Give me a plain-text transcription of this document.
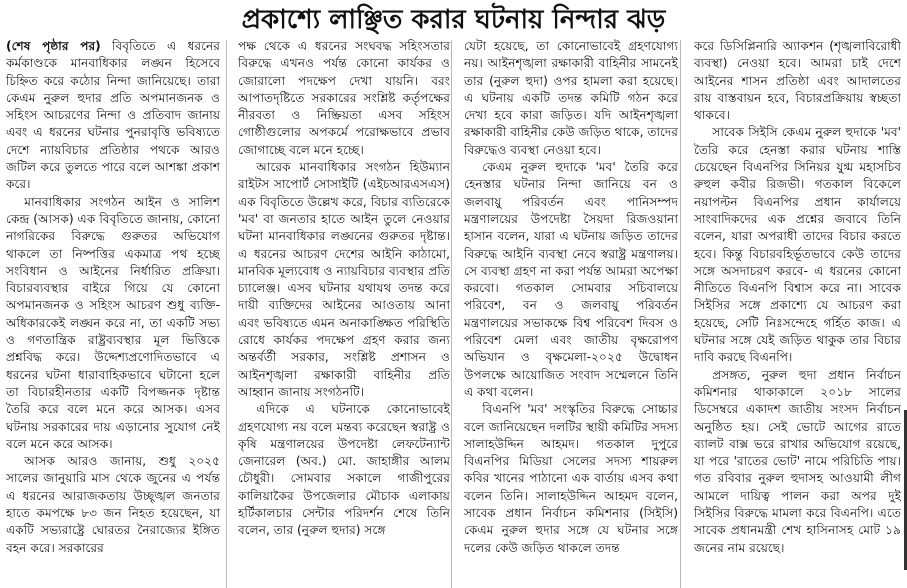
প্রকাশ্যে লাঞ্ছিত করার ঘটনায় নিন্দার ঝড়

(শেষ পৃষ্ঠার পর) বিবৃতিতে এ ধরনের কর্মকাণ্ডকে মানবাধিকার লঙ্ঘন হিসেবে চিহ্নিত করে কঠোর নিন্দা জানিয়েছে। তারা কেএম নুরুল হুদার প্রতি অপমানজনক ও সহিংস আচরণের নিন্দা ও প্রতিবাদ জানায় এবং এ ধরনের ঘটনার পুনরাবৃত্তি ভবিষ্যতে দেশে ন্যায়বিচার প্রতিষ্ঠার পথকে আরও জটিল করে তুলতে পারে বলে আশঙ্কা প্রকাশ করে।

মানবাধিকার সংগঠন আইন ও সালিশ কেন্দ্র (আসক) এক বিবৃতিতে জানায়, কোনো নাগরিকের বিরুদ্ধে গুরুতর অভিযোগ থাকলে তা নিষ্পত্তির একমাত্র পথ হচ্ছে সংবিধান ও আইনের নির্ধারিত প্রক্রিয়া। বিচারব্যবস্থার বাইরে গিয়ে যে কোনো অপমানজনক ও সহিংস আচরণ শুধু ব্যক্তি-অধিকারকেই লঙ্ঘন করে না, তা একটি সভ্য ও গণতান্ত্রিক রাষ্ট্রব্যবস্থার মূল ভিত্তিকে প্রশ্নবিদ্ধ করে। উদ্দেশ্যপ্রণোদিতভাবে এ ধরনের ঘটনা ধারাবাহিকভাবে ঘটানো হলে তা বিচারহীনতার একটি বিপজ্জনক দৃষ্টান্ত তৈরি করে বলে মনে করে আসক। এসব ঘটনায় সরকারের দায় এড়ানোর সুযোগ নেই বলে মনে করে আসক।

আসক আরও জানায়, শুধু ২০২৫ সালের জানুয়ারি মাস থেকে জুনের এ পর্যন্ত এ ধরনের আরাজকতায় উচ্ছৃঙ্খল জনতার হাতে কমপক্ষে ৮৩ জন নিহত হয়েছেন, যা একটি সভ্যরাষ্ট্রে ঘোরতর নৈরাজ্যের ইঙ্গিত বহন করে। সরকারের

পক্ষ থেকে এ ধরনের সংঘবদ্ধ সহিংসতার বিরুদ্ধে এখনও পর্যন্ত কোনো কার্যকর ও জোরালো পদক্ষেপ দেখা যায়নি। বরং আপাতদৃষ্টিতে সরকারের সংশ্লিষ্ট কর্তৃপক্ষের নীরবতা ও নিষ্ক্রিয়তা এসব সহিংস গোষ্ঠীগুলোর অপকর্মে পরোক্ষভাবে প্রভাব জোগাচ্ছে বলে মনে হচ্ছে।

আরেক মানবাধিকার সংগঠন হিউম্যান রাইটস সাপোর্ট সোসাইটি (এইচআরএসএস) এক বিবৃতিতে উল্লেখ করে, বিচার ব্যতিরেকে 'মব' বা জনতার হাতে আইন তুলে নেওয়ার ঘটনা মানবাধিকার লঙ্ঘনের গুরুতর দৃষ্টান্ত। এ ধরনের আচরণ দেশের আইনি কাঠামো, মানবিক মূল্যবোধ ও ন্যায়বিচার ব্যবস্থার প্রতি চ্যালেঞ্জ। এসব ঘটনার যথাযথ তদন্ত করে দায়ী ব্যক্তিদের আইনের আওতায় আনা এবং ভবিষ্যতে এমন অনাকাঙ্ক্ষিত পরিস্থিতি রোধে কার্যকর পদক্ষেপ গ্রহণ করার জন্য অন্তর্বর্তী সরকার, সংশ্লিষ্ট প্রশাসন ও আইনশৃঙ্খলা রক্ষাকারী বাহিনীর প্রতি আহ্বান জানায় সংগঠনটি।

এদিকে এ ঘটনাকে কোনোভাবেই গ্রহণযোগ্য নয় বলে মন্তব্য করেছেন স্বরাষ্ট্র ও কৃষি মন্ত্রণালয়ের উপদেষ্টা লেফটেন্যান্ট জেনারেল (অব.) মো. জাহাঙ্গীর আলম চৌধুরী। সোমবার সকালে গাজীপুরের কালিয়াকৈর উপজেলার মৌচাক এলাকায় হর্টিকালচার সেন্টার পরিদর্শন শেষে তিনি বলেন, তার (নুরুল হুদার) সঙ্গে

যেটা হয়েছে, তা কোনোভাবেই গ্রহণযোগ্য নয়। আইনশৃঙ্খলা রক্ষাকারী বাহিনীর সামনেই তার (নুরুল হুদা) ওপর হামলা করা হয়েছে। এ ঘটনায় একটি তদন্ত কমিটি গঠন করে দেখা হবে কারা জড়িত। যদি আইনশৃঙ্খলা রক্ষাকারী বাহিনীর কেউ জড়িত থাকে, তাদের বিরুদ্ধেও ব্যবস্থা নেওয়া হবে।

কেএম নুরুল হুদাকে 'মব' তৈরি করে হেনস্তার ঘটনার নিন্দা জানিয়ে বন ও জলবায়ু পরিবর্তন এবং পানিসম্পদ মন্ত্রণালয়ের উপদেষ্টা সৈয়দা রিজওয়ানা হাসান বলেন, যারা এ ঘটনায় জড়িত তাদের বিরুদ্ধে আইনি ব্যবস্থা নেবে স্বরাষ্ট্র মন্ত্রণালয়। সে ব্যবস্থা গ্রহণ না করা পর্যন্ত আমরা অপেক্ষা করবো। গতকাল সোমবার সচিবালয়ে পরিবেশ, বন ও জলবায়ু পরিবর্তন মন্ত্রণালয়ের সভাকক্ষে বিশ্ব পরিবেশ দিবস ও পরিবেশ মেলা এবং জাতীয় বৃক্ষরোপণ অভিযান ও বৃক্ষমেলা-২০২৫ উদ্বোধন উপলক্ষে আয়োজিত সংবাদ সম্মেলনে তিনি এ কথা বলেন।

বিএনপি 'মব' সংস্কৃতির বিরুদ্ধে সোচ্চার বলে জানিয়েছেন দলটির স্থায়ী কমিটির সদস্য সালাহউদ্দিন আহমদ। গতকাল দুপুরে বিএনপির মিডিয়া সেলের সদস্য শায়রুল কবির খানের পাঠানো এক বার্তায় এসব কথা বলেন তিনি। সালাহউদ্দিন আহমদ বলেন, সাবেক প্রধান নির্বাচন কমিশনার (সিইসি) কেএম নুরুল হুদার সঙ্গে যে ঘটনার সঙ্গে দলের কেউ জড়িত থাকলে তদন্ত

করে ডিসিপ্লিনারি অ্যাকশন (শৃঙ্খলাবিরোধী ব্যবস্থা) নেওয়া হবে। আমরা চাই দেশে আইনের শাসন প্রতিষ্ঠা এবং আদালতের রায় বাস্তবায়ন হবে, বিচারপ্রক্রিয়ায় স্বচ্ছতা থাকবে।

সাবেক সিইসি কেএম নুরুল হুদাকে 'মব' তৈরি করে হেনস্তা করার ঘটনায় শাস্তি চেয়েছেন বিএনপির সিনিয়র যুগ্ম মহাসচিব রুহুল কবীর রিজভী। গতকাল বিকেলে নয়াপল্টন বিএনপির প্রধান কার্যালয়ে সাংবাদিকদের এক প্রশ্নের জবাবে তিনি বলেন, যারা অপরাধী তাদের বিচার করতে হবে। কিন্তু বিচারবহির্ভূতভাবে কেউ তাদের সঙ্গে অসদাচরণ করবে- এ ধরনের কোনো নীতিতে বিএনপি বিশ্বাস করে না। সাবেক সিইসির সঙ্গে প্রকাশ্যে যে আচরণ করা হয়েছে, সেটি নিঃসন্দেহে গর্হিত কাজ। এ ঘটনার সঙ্গে যেই জড়িত থাকুক তার বিচার দাবি করছে বিএনপি।

প্রসঙ্গত, নুরুল হুদা প্রধান নির্বাচন কমিশনার থাকাকালে ২০১৮ সালের ডিসেম্বরে একাদশ জাতীয় সংসদ নির্বাচন অনুষ্ঠিত হয়। সেই ভোটে আগের রাতে ব্যালট বাক্স ভরে রাখার অভিযোগ রয়েছে, যা পরে 'রাতের ভোট' নামে পরিচিতি পায়। গত রবিবার নুরুল হুদাসহ আওয়ামী লীগ আমলে দায়িত্ব পালন করা অপর দুই সিইসির বিরুদ্ধে মামলা করে বিএনপি। এতে সাবেক প্রধানমন্ত্রী শেখ হাসিনাসহ মোট ১৯ জনের নাম রয়েছে।
